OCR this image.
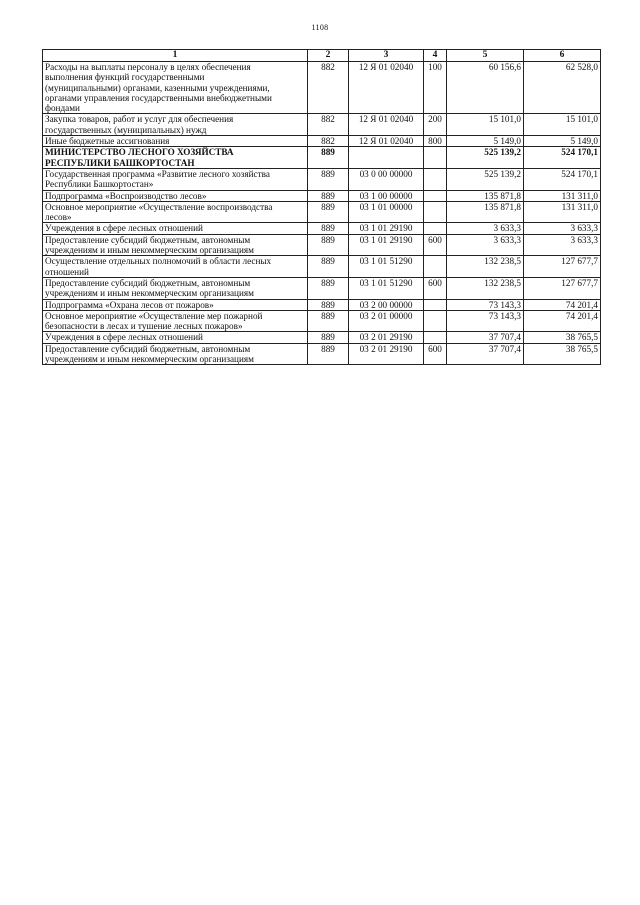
1108
1	2	3	4	5	6

Расходы на выплаты персоналу в целях обеспечения
выполнения функций государственными
(муниципальными) органами, казенными учреждениями,
органами управления государственными внебюджетными
фондами	882	12 Я 01 02040	100	60 156,6	62 528,0

Закупка товаров, работ и услуг для обеспечения
государственных (муниципальных) нужд	882	12 Я 01 02040	200	15 101,0	15 101,0

Иные бюджетные ассигнования	882	12 Я 01 02040	800	5 149,0	5 149,0

МИНИСТЕРСТВО ЛЕСНОГО ХОЗЯЙСТВА
РЕСПУБЛИКИ БАШКОРТОСТАН	889			525 139,2	524 170,1

Государственная программа «Развитие лесного хозяйства
Республики Башкортостан»	889	03 0 00 00000		525 139,2	524 170,1

Подпрограмма «Воспроизводство лесов»	889	03 1 00 00000		135 871,8	131 311,0

Основное мероприятие «Осуществление воспроизводства
лесов»	889	03 1 01 00000		135 871,8	131 311,0

Учреждения в сфере лесных отношений	889	03 1 01 29190		3 633,3	3 633,3

Предоставление субсидий бюджетным, автономным
учреждениям и иным некоммерческим организациям	889	03 1 01 29190	600	3 633,3	3 633,3

Осуществление отдельных полномочий в области лесных
отношений	889	03 1 01 51290		132 238,5	127 677,7

Предоставление субсидий бюджетным, автономным
учреждениям и иным некоммерческим организациям	889	03 1 01 51290	600	132 238,5	127 677,7

Подпрограмма «Охрана лесов от пожаров»	889	03 2 00 00000		73 143,3	74 201,4

Основное мероприятие «Осуществление мер пожарной
безопасности в лесах и тушение лесных пожаров»	889	03 2 01 00000		73 143,3	74 201,4

Учреждения в сфере лесных отношений	889	03 2 01 29190		37 707,4	38 765,5

Предоставление субсидий бюджетным, автономным
учреждениям и иным некоммерческим организациям	889	03 2 01 29190	600	37 707,4	38 765,5
